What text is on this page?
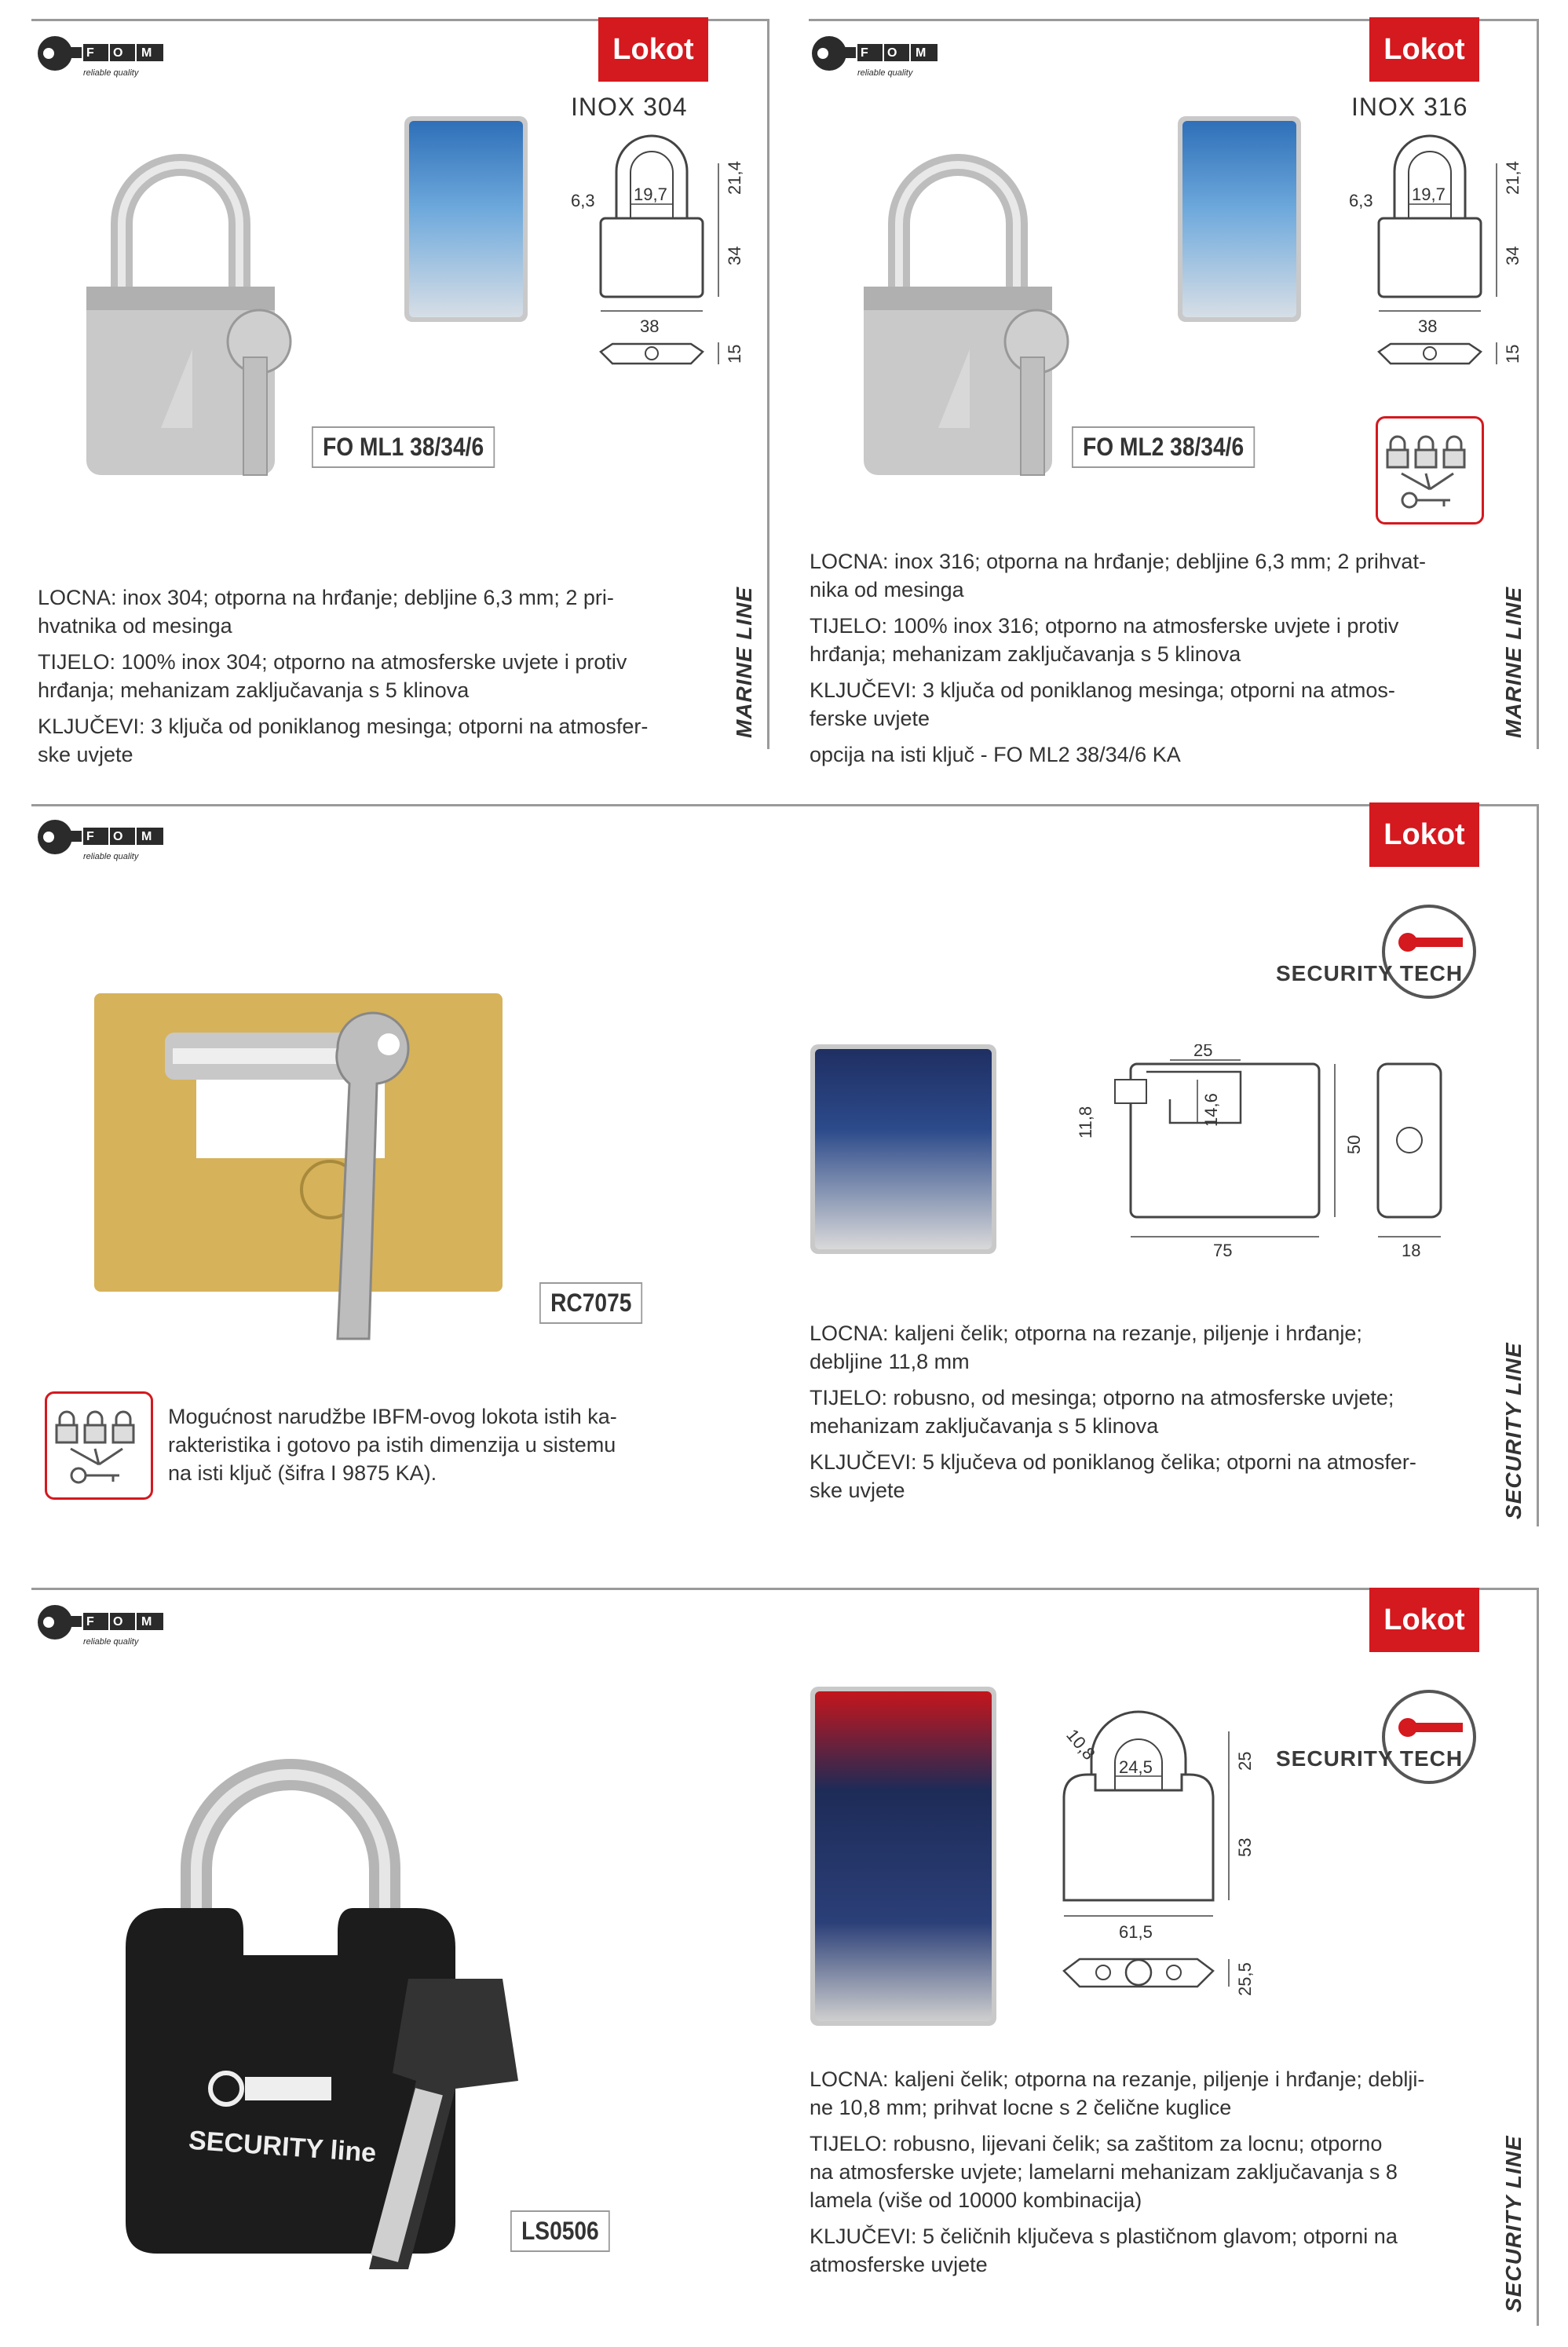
F O M
reliable quality
Lokot
INOX 304
6,3 19,7	21,4
34
38
15
FO ML1 38/34/6
LOCNA: inox 304; otporna na hrđanje; debljine 6,3 mm; 2 pri-
hvatnika od mesinga
TIJELO: 100% inox 304; otporno na atmosferske uvjete i protiv
hrđanja; mehanizam zaključavanja s 5 klinova
KLJUČEVI: 3 ključa od poniklanog mesinga; otporni na atmosfer-
ske uvjete
MARINE LINE
F O M
reliable quality
Lokot
INOX 316
6,3 19,7	21,4
34
38
15
FO ML2 38/34/6
LOCNA: inox 316; otporna na hrđanje; debljine 6,3 mm; 2 prihvat-
nika od mesinga
TIJELO: 100% inox 316; otporno na atmosferske uvjete i protiv
hrđanja; mehanizam zaključavanja s 5 klinova
KLJUČEVI: 3 ključa od poniklanog mesinga; otporni na atmos-
ferske uvjete
opcija na isti ključ - FO ML2 38/34/6 KA
MARINE LINE
F O M
reliable quality
Lokot
SECURITY TECH
RC7075
Mogućnost narudžbe IBFM-ovog lokota istih ka-
rakteristika i gotovo pa istih dimenzija u sistemu
na isti ključ (šifra I 9875 KA).
25
11,8	14,6
50
75	18
LOCNA: kaljeni čelik; otporna na rezanje, piljenje i hrđanje;
debljine 11,8 mm
TIJELO: robusno, od mesinga; otporno na atmosferske uvjete;
mehanizam zaključavanja s 5 klinova
KLJUČEVI: 5 ključeva od poniklanog čelika; otporni na atmosfer-
ske uvjete	SECURITY LINE
F O M
reliable quality
Lokot
SECURITY TECH
SECURITY line
LS0506
10,8
24,5	25
53
61,5
25,5
LOCNA: kaljeni čelik; otporna na rezanje, piljenje i hrđanje; deblji-
ne 10,8 mm; prihvat locne s 2 čelične kuglice
TIJELO: robusno, lijevani čelik; sa zaštitom za locnu; otporno
na atmosferske uvjete; lamelarni mehanizam zaključavanja s 8
lamela (više od 10000 kombinacija)
KLJUČEVI: 5 čeličnih ključeva s plastičnom glavom; otporni na
atmosferske uvjete	SECURITY LINE
